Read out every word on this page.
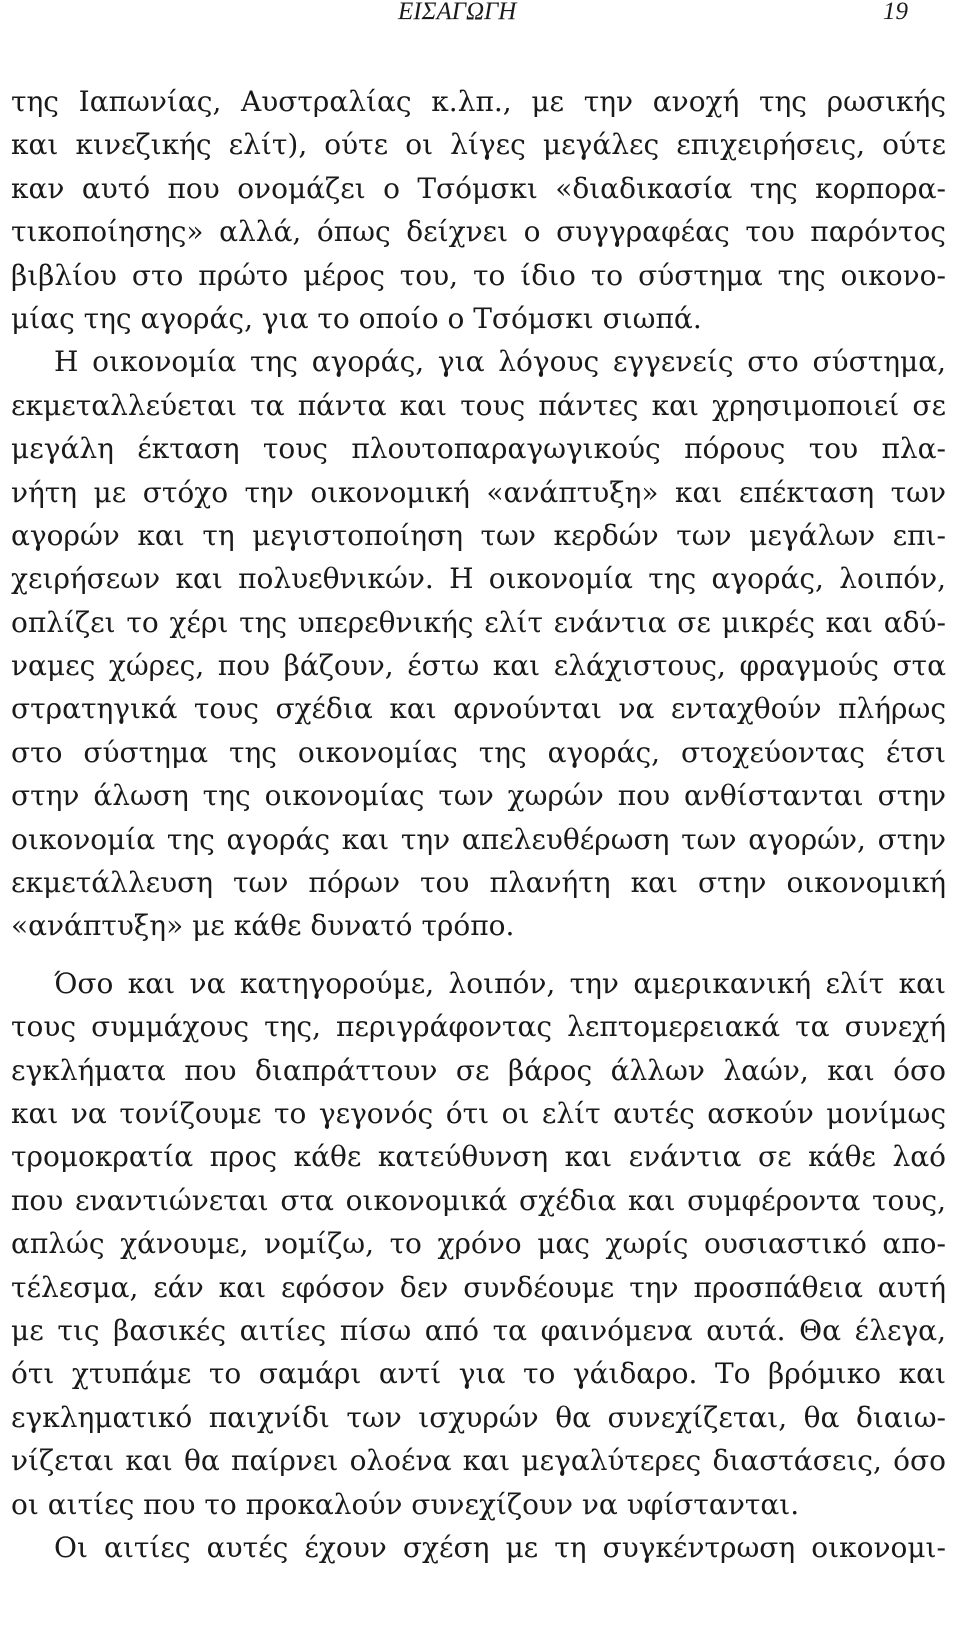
ΕΙΣΑΓΩΓΗ	19
της Ιαπωνίας, Αυστραλίας κ.λπ., με την ανοχή της ρωσικής
και κινεζικής ελίτ), ούτε οι λίγες μεγάλες επιχειρήσεις, ούτε
καν αυτό που ονομάζει ο Τσόμσκι «διαδικασία της κορπορα-
τικοποίησης» αλλά, όπως δείχνει ο συγγραφέας του παρόντος
βιβλίου στο πρώτο μέρος του, το ίδιο το σύστημα της οικονο-
μίας της αγοράς, για το οποίο ο Τσόμσκι σιωπά.
Η οικονομία της αγοράς, για λόγους εγγενείς στο σύστημα,
εκμεταλλεύεται τα πάντα και τους πάντες και χρησιμοποιεί σε
μεγάλη έκταση τους πλουτοπαραγωγικούς πόρους του πλα-
νήτη με στόχο την οικονομική «ανάπτυξη» και επέκταση των
αγορών και τη μεγιστοποίηση των κερδών των μεγάλων επι-
χειρήσεων και πολυεθνικών. Η οικονομία της αγοράς, λοιπόν,
οπλίζει το χέρι της υπερεθνικής ελίτ ενάντια σε μικρές και αδύ-
ναμες χώρες, που βάζουν, έστω και ελάχιστους, φραγμούς στα
στρατηγικά τους σχέδια και αρνούνται να ενταχθούν πλήρως
στο σύστημα της οικονομίας της αγοράς, στοχεύοντας έτσι
στην άλωση της οικονομίας των χωρών που ανθίστανται στην
οικονομία της αγοράς και την απελευθέρωση των αγορών, στην
εκμετάλλευση των πόρων του πλανήτη και στην οικονομική
«ανάπτυξη» με κάθε δυνατό τρόπο.
Όσο και να κατηγορούμε, λοιπόν, την αμερικανική ελίτ και
τους συμμάχους της, περιγράφοντας λεπτομερειακά τα συνεχή
εγκλήματα που διαπράττουν σε βάρος άλλων λαών, και όσο
και να τονίζουμε το γεγονός ότι οι ελίτ αυτές ασκούν μονίμως
τρομοκρατία προς κάθε κατεύθυνση και ενάντια σε κάθε λαό
που εναντιώνεται στα οικονομικά σχέδια και συμφέροντα τους,
απλώς χάνουμε, νομίζω, το χρόνο μας χωρίς ουσιαστικό απο-
τέλεσμα, εάν και εφόσον δεν συνδέουμε την προσπάθεια αυτή
με τις βασικές αιτίες πίσω από τα φαινόμενα αυτά. Θα έλεγα,
ότι χτυπάμε το σαμάρι αντί για το γάιδαρο. Το βρόμικο και
εγκληματικό παιχνίδι των ισχυρών θα συνεχίζεται, θα διαιω-
νίζεται και θα παίρνει ολοένα και μεγαλύτερες διαστάσεις, όσο
οι αιτίες που το προκαλούν συνεχίζουν να υφίστανται.
Οι αιτίες αυτές έχουν σχέση με τη συγκέντρωση οικονομι-
